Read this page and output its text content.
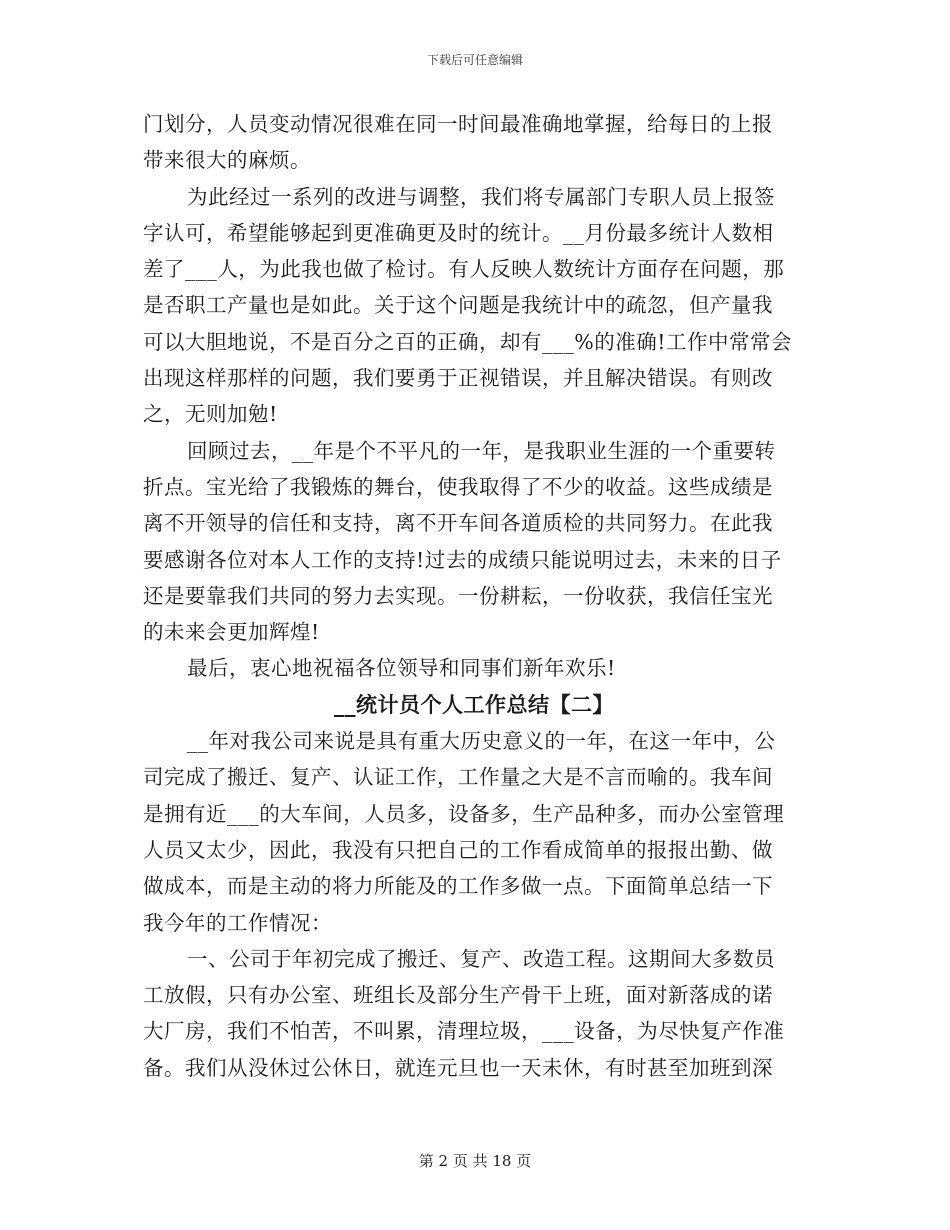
下载后可任意编辑
门划分，人员变动情况很难在同一时间最准确地掌握，给每日的上报
带来很大的麻烦。
为此经过一系列的改进与调整，我们将专属部门专职人员上报签
字认可，希望能够起到更准确更及时的统计。__月份最多统计人数相
差了___人，为此我也做了检讨。有人反映人数统计方面存在问题，那
是否职工产量也是如此。关于这个问题是我统计中的疏忽，但产量我
可以大胆地说，不是百分之百的正确，却有___%的准确!工作中常常会
出现这样那样的问题，我们要勇于正视错误，并且解决错误。有则改
之，无则加勉!
回顾过去，__年是个不平凡的一年，是我职业生涯的一个重要转
折点。宝光给了我锻炼的舞台，使我取得了不少的收益。这些成绩是
离不开领导的信任和支持，离不开车间各道质检的共同努力。在此我
要感谢各位对本人工作的支持!过去的成绩只能说明过去，未来的日子
还是要靠我们共同的努力去实现。一份耕耘，一份收获，我信任宝光
的未来会更加辉煌!
最后，衷心地祝福各位领导和同事们新年欢乐!
__统计员个人工作总结【二】
__年对我公司来说是具有重大历史意义的一年，在这一年中，公
司完成了搬迁、复产、认证工作，工作量之大是不言而喻的。我车间
是拥有近___的大车间，人员多，设备多，生产品种多，而办公室管理
人员又太少，因此，我没有只把自己的工作看成简单的报报出勤、做
做成本，而是主动的将力所能及的工作多做一点。下面简单总结一下
我今年的工作情况：
一、公司于年初完成了搬迁、复产、改造工程。这期间大多数员
工放假，只有办公室、班组长及部分生产骨干上班，面对新落成的诺
大厂房，我们不怕苦，不叫累，清理垃圾，___设备，为尽快复产作准
备。我们从没休过公休日，就连元旦也一天未休，有时甚至加班到深
第 2 页 共 18 页
